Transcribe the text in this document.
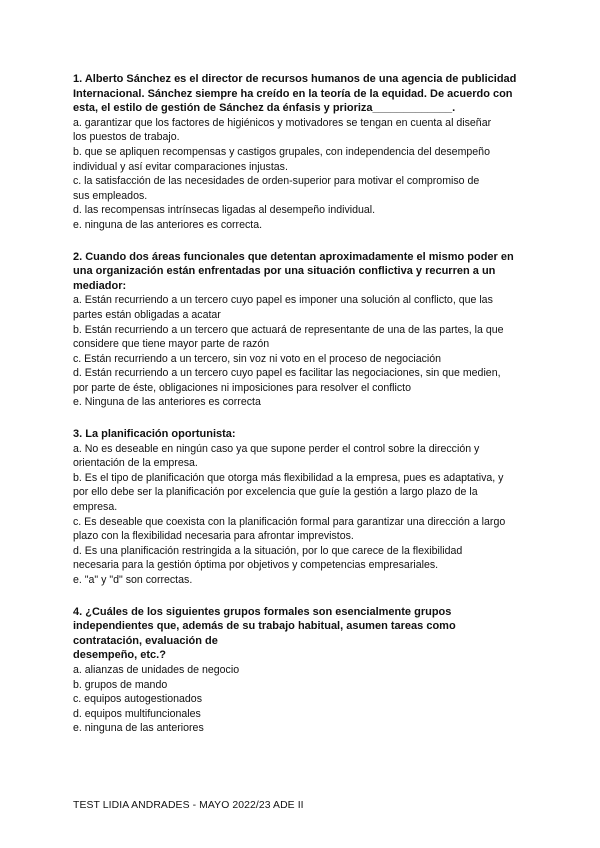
1. Alberto Sánchez es el director de recursos humanos de una agencia de publicidad
Internacional. Sánchez siempre ha creído en la teoría de la equidad. De acuerdo con
esta, el estilo de gestión de Sánchez da énfasis y prioriza_____________.

a. garantizar que los factores de higiénicos y motivadores se tengan en cuenta al diseñar
los puestos de trabajo.

b. que se apliquen recompensas y castigos grupales, con independencia del desempeño
individual y así evitar comparaciones injustas.

c. la satisfacción de las necesidades de orden-superior para motivar el compromiso de
sus empleados.

d. las recompensas intrínsecas ligadas al desempeño individual.

e. ninguna de las anteriores es correcta.

2. Cuando dos áreas funcionales que detentan aproximadamente el mismo poder en
una organización están enfrentadas por una situación conflictiva y recurren a un
mediador:

a. Están recurriendo a un tercero cuyo papel es imponer una solución al conflicto, que las
partes están obligadas a acatar

b. Están recurriendo a un tercero que actuará de representante de una de las partes, la que
considere que tiene mayor parte de razón

c. Están recurriendo a un tercero, sin voz ni voto en el proceso de negociación

d. Están recurriendo a un tercero cuyo papel es facilitar las negociaciones, sin que medien,
por parte de éste, obligaciones ni imposiciones para resolver el conflicto

e. Ninguna de las anteriores es correcta

3. La planificación oportunista:

a. No es deseable en ningún caso ya que supone perder el control sobre la dirección y
orientación de la empresa.

b. Es el tipo de planificación que otorga más flexibilidad a la empresa, pues es adaptativa, y
por ello debe ser la planificación por excelencia que guíe la gestión a largo plazo de la
empresa.

c. Es deseable que coexista con la planificación formal para garantizar una dirección a largo
plazo con la flexibilidad necesaria para afrontar imprevistos.

d. Es una planificación restringida a la situación, por lo que carece de la flexibilidad
necesaria para la gestión óptima por objetivos y competencias empresariales.

e. "a" y "d" son correctas.

4. ¿Cuáles de los siguientes grupos formales son esencialmente grupos
independientes que, además de su trabajo habitual, asumen tareas como
contratación, evaluación de
desempeño, etc.?

a. alianzas de unidades de negocio

b. grupos de mando

c. equipos autogestionados

d. equipos multifuncionales

e. ninguna de las anteriores

TEST LIDIA ANDRADES - MAYO 2022/23 ADE II
